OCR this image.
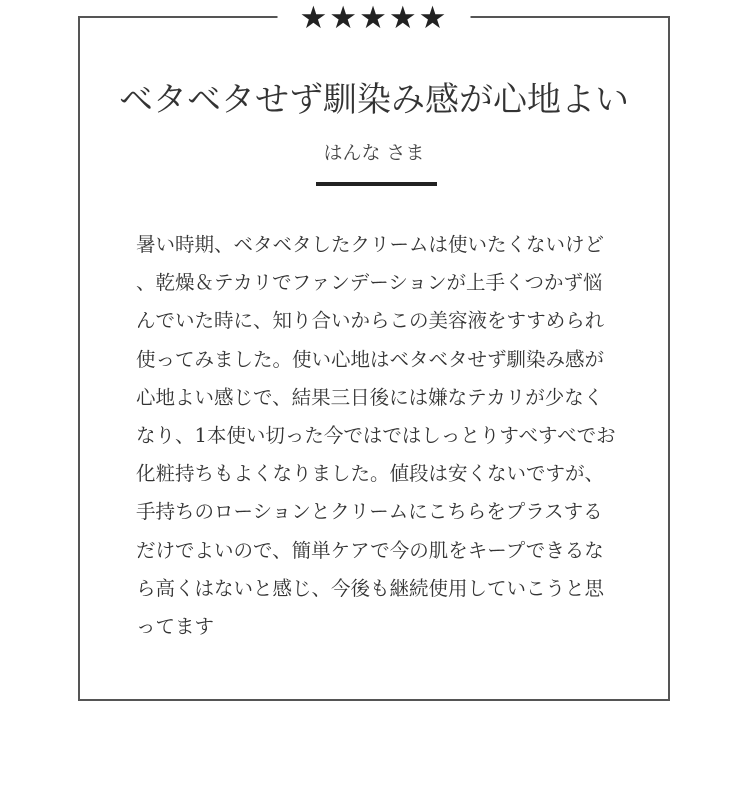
★★★★★
ベタベタせず馴染み感が心地よい
はんな さま

暑い時期、ベタベタしたクリームは使いたくないけど、乾燥＆テカリでファンデーションが上手くつかず悩んでいた時に、知り合いからこの美容液をすすめられ使ってみました。使い心地はベタベタせず馴染み感が心地よい感じで、結果三日後には嫌なテカリが少なくなり、1本使い切った今ではではしっとりすべすべでお化粧持ちもよくなりました。値段は安くないですが、手持ちのローションとクリームにこちらをプラスするだけでよいので、簡単ケアで今の肌をキープできるなら高くはないと感じ、今後も継続使用していこうと思ってます
